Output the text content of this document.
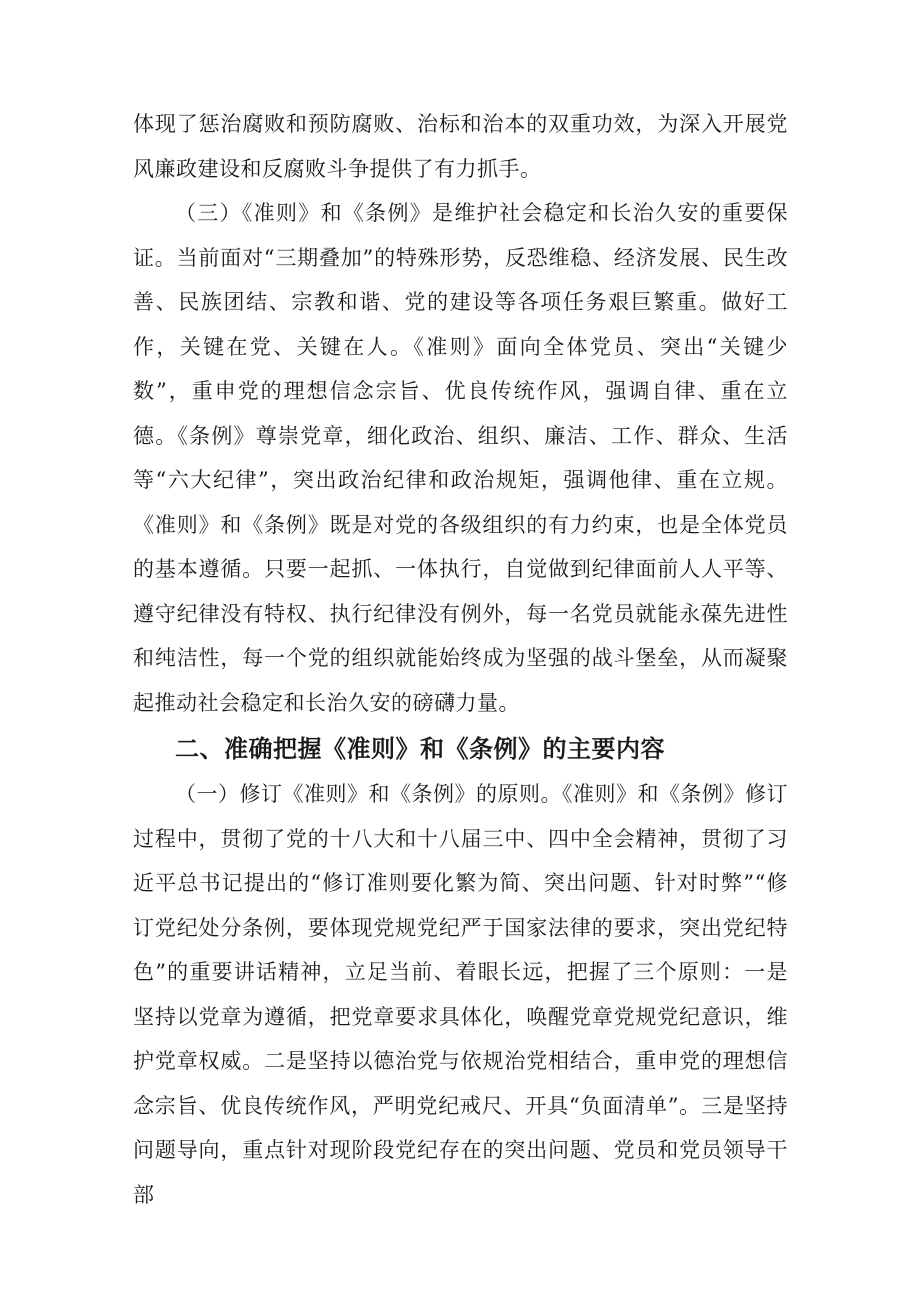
体现了惩治腐败和预防腐败、治标和治本的双重功效，为深入开展党风廉政建设和反腐败斗争提供了有力抓手。

（三）《准则》和《条例》是维护社会稳定和长治久安的重要保证。当前面对“三期叠加”的特殊形势，反恐维稳、经济发展、民生改善、民族团结、宗教和谐、党的建设等各项任务艰巨繁重。做好工作，关键在党、关键在人。《准则》面向全体党员、突出“关键少数”，重申党的理想信念宗旨、优良传统作风，强调自律、重在立德。《条例》尊崇党章，细化政治、组织、廉洁、工作、群众、生活等“六大纪律”，突出政治纪律和政治规矩，强调他律、重在立规。《准则》和《条例》既是对党的各级组织的有力约束，也是全体党员的基本遵循。只要一起抓、一体执行，自觉做到纪律面前人人平等、遵守纪律没有特权、执行纪律没有例外，每一名党员就能永葆先进性和纯洁性，每一个党的组织就能始终成为坚强的战斗堡垒，从而凝聚起推动社会稳定和长治久安的磅礴力量。

二、准确把握《准则》和《条例》的主要内容

（一）修订《准则》和《条例》的原则。《准则》和《条例》修订过程中，贯彻了党的十八大和十八届三中、四中全会精神，贯彻了习近平总书记提出的“修订准则要化繁为简、突出问题、针对时弊”“修订党纪处分条例，要体现党规党纪严于国家法律的要求，突出党纪特色”的重要讲话精神，立足当前、着眼长远，把握了三个原则：一是坚持以党章为遵循，把党章要求具体化，唤醒党章党规党纪意识，维护党章权威。二是坚持以德治党与依规治党相结合，重申党的理想信念宗旨、优良传统作风，严明党纪戒尺、开具“负面清单”。三是坚持问题导向，重点针对现阶段党纪存在的突出问题、党员和党员领导干部
